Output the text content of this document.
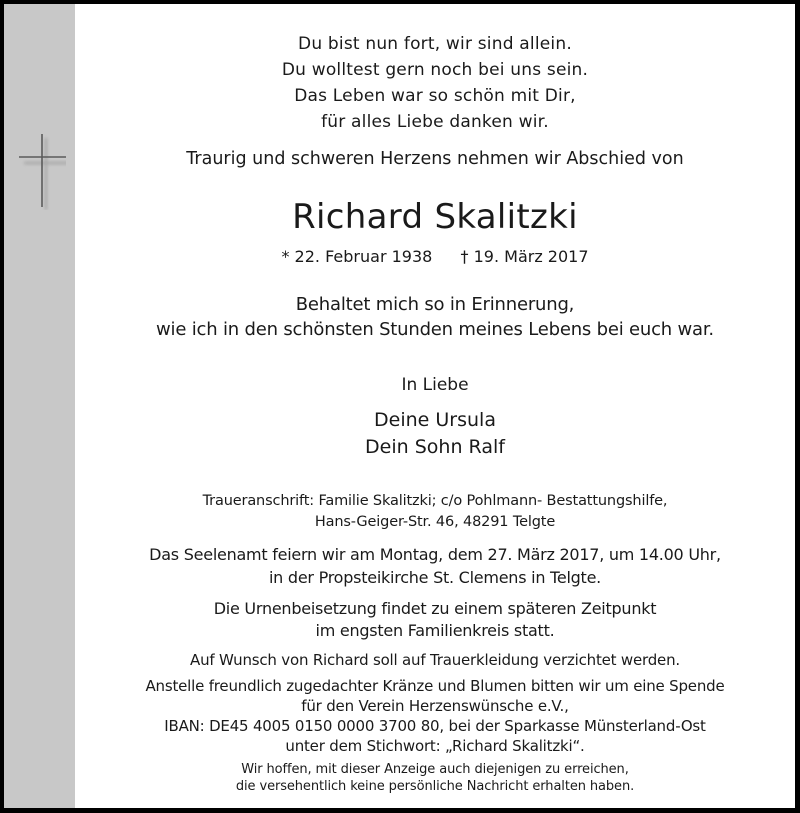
Du bist nun fort, wir sind allein.
Du wolltest gern noch bei uns sein.
Das Leben war so schön mit Dir,
für alles Liebe danken wir.
Traurig und schweren Herzens nehmen wir Abschied von
Richard Skalitzki
* 22. Februar 1938 † 19. März 2017
Behaltet mich so in Erinnerung,
wie ich in den schönsten Stunden meines Lebens bei euch war.
In Liebe
Deine Ursula
Dein Sohn Ralf
Traueranschrift: Familie Skalitzki; c/o Pohlmann- Bestattungshilfe,
Hans-Geiger-Str. 46, 48291 Telgte
Das Seelenamt feiern wir am Montag, dem 27. März 2017, um 14.00 Uhr,
in der Propsteikirche St. Clemens in Telgte.
Die Urnenbeisetzung findet zu einem späteren Zeitpunkt
im engsten Familienkreis statt.
Auf Wunsch von Richard soll auf Trauerkleidung verzichtet werden.
Anstelle freundlich zugedachter Kränze und Blumen bitten wir um eine Spende
für den Verein Herzenswünsche e.V.,
IBAN: DE45 4005 0150 0000 3700 80, bei der Sparkasse Münsterland-Ost
unter dem Stichwort: „Richard Skalitzki“.
Wir hoffen, mit dieser Anzeige auch diejenigen zu erreichen,
die versehentlich keine persönliche Nachricht erhalten haben.
